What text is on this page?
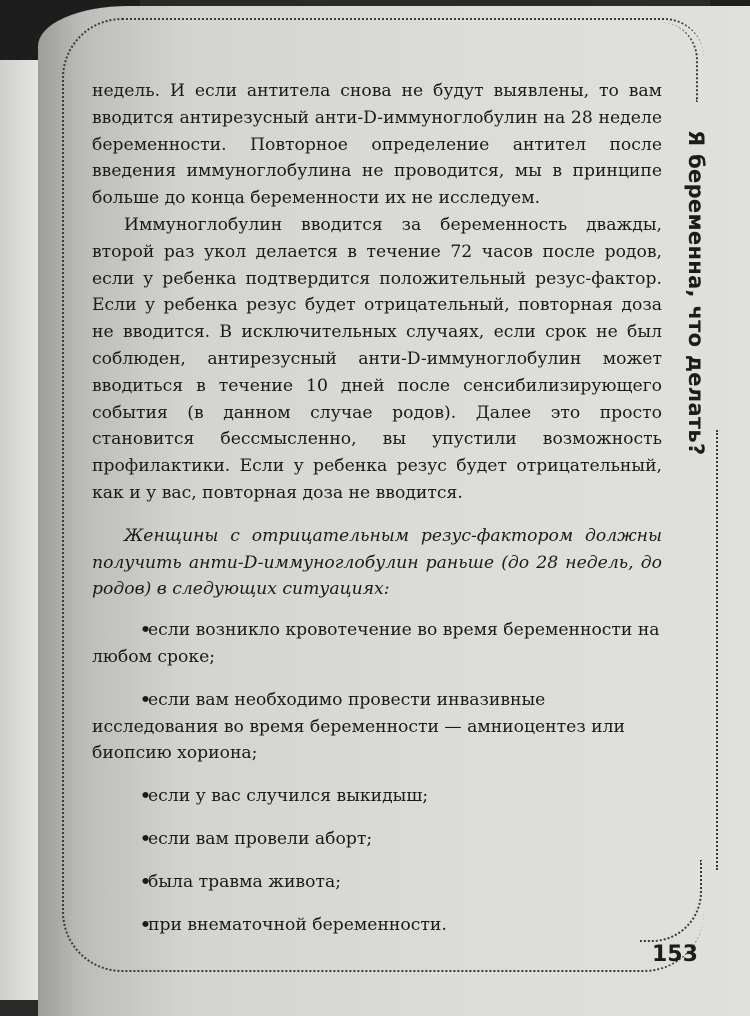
Я беременна, что делать?

недель. И если антитела снова не будут выявлены, то вам вводится антирезусный анти-D-иммуноглобулин на 28 неделе беременности. Повторное определение антител после введения иммуноглобулина не проводится, мы в принципе больше до конца беременности их не исследуем.

Иммуноглобулин вводится за беременность дважды, второй раз укол делается в течение 72 часов после родов, если у ребенка подтвердится положительный резус-фактор. Если у ребенка резус будет отрицательный, повторная доза не вводится. В исключительных случаях, если срок не был соблюден, антирезусный анти-D-иммуноглобулин может вводиться в течение 10 дней после сенсибилизирующего события (в данном случае родов). Далее это просто становится бессмысленно, вы упустили возможность профилактики. Если у ребенка резус будет отрицательный, как и у вас, повторная доза не вводится.

Женщины с отрицательным резус-фактором должны получить анти-D-иммуноглобулин раньше (до 28 недель, до родов) в следующих ситуациях:

•
если возникло кровотечение во время беременности на любом сроке;
•
если вам необходимо провести инвазивные исследования во время беременности — амниоцентез или биопсию хориона;
•
если у вас случился выкидыш;
•
если вам провели аборт;
•
была травма живота;
•
при внематочной беременности.
153
